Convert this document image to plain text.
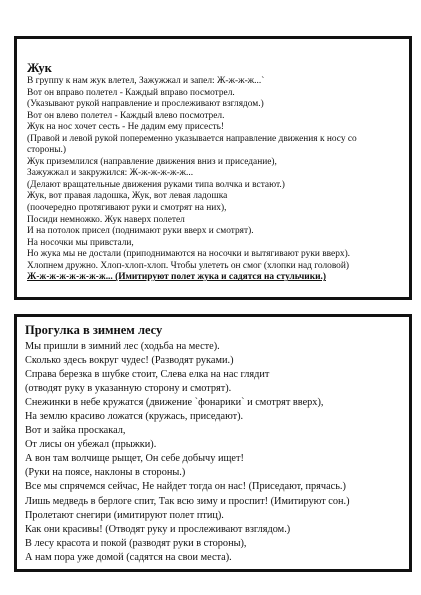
Жук
В группу к нам жук влетел, Зажужжал и запел: Ж-ж-ж-ж...`
Вот он вправо полетел - Каждый вправо посмотрел.
(Указывают рукой направление и прослеживают взглядом.)
Вот он влево полетел - Каждый влево посмотрел.
Жук на нос хочет сесть - Не дадим ему присесть!
(Правой и левой рукой попеременно указывается направление движения к носу со
стороны.)
Жук приземлился (направление движения вниз и приседание),
Зажужжал и закружился: Ж-ж-ж-ж-ж-ж...
(Делают вращательные движения руками типа волчка и встают.)
Жук, вот правая ладошка, Жук, вот левая ладошка
(поочередно протягивают руки и смотрят на них),
Посиди немножко. Жук наверх полетел
И на потолок присел (поднимают руки вверх и смотрят).
На носочки мы привстали,
Но жука мы не достали (приподнимаются на носочки и вытягивают руки вверх).
Хлопнем дружно. Хлоп-хлоп-хлоп. Чтобы улететь он смог (хлопки над головой)
Ж-ж-ж-ж-ж-ж-ж-ж... (Имитируют полет жука и садятся на стульчики.)
Прогулка в зимнем лесу
Мы пришли в зимний лес (ходьба на месте).
Сколько здесь вокруг чудес! (Разводят руками.)
Справа березка в шубке стоит, Слева елка на нас глядит
(отводят руку в указанную сторону и смотрят).
Снежинки в небе кружатся (движение `фонарики` и смотрят вверх),
На землю красиво ложатся (кружась, приседают).
Вот и зайка проскакал,
От лисы он убежал (прыжки).
А вон там волчище рыщет, Он себе добычу ищет!
(Руки на поясе, наклоны в стороны.)
Все мы спрячемся сейчас, Не найдет тогда он нас! (Приседают, прячась.)
Лишь медведь в берлоге спит, Так всю зиму и проспит! (Имитируют сон.)
Пролетают снегири (имитируют полет птиц).
Как они красивы! (Отводят руку и прослеживают взглядом.)
В лесу красота и покой (разводят руки в стороны),
А нам пора уже домой (садятся на свои места).
